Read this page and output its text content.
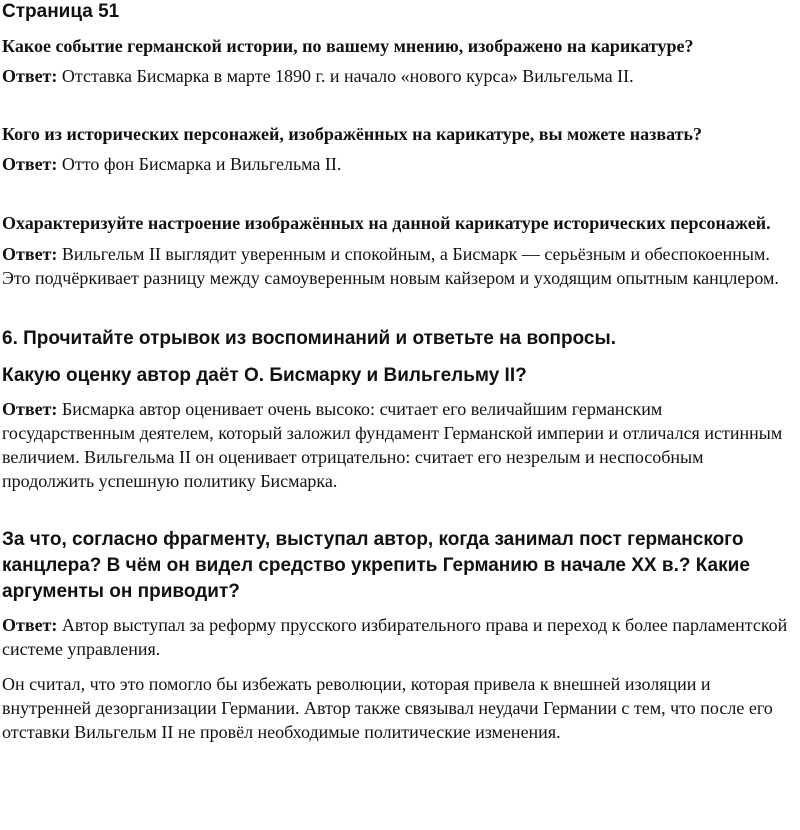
Страница 51

Какое событие германской истории, по вашему мнению, изображено на карикатуре?

Ответ: Отставка Бисмарка в марте 1890 г. и начало «нового курса» Вильгельма II.

Кого из исторических персонажей, изображённых на карикатуре, вы можете назвать?

Ответ: Отто фон Бисмарка и Вильгельма II.

Охарактеризуйте настроение изображённых на данной карикатуре исторических персонажей.

Ответ: Вильгельм II выглядит уверенным и спокойным, а Бисмарк — серьёзным и обеспокоенным. Это подчёркивает разницу между самоуверенным новым кайзером и уходящим опытным канцлером.

6. Прочитайте отрывок из воспоминаний и ответьте на вопросы.

Какую оценку автор даёт О. Бисмарку и Вильгельму II?

Ответ: Бисмарка автор оценивает очень высоко: считает его величайшим германским государственным деятелем, который заложил фундамент Германской империи и отличался истинным величием. Вильгельма II он оценивает отрицательно: считает его незрелым и неспособным продолжить успешную политику Бисмарка.

За что, согласно фрагменту, выступал автор, когда занимал пост германского канцлера? В чём он видел средство укрепить Германию в начале XX в.? Какие аргументы он приводит?

Ответ: Автор выступал за реформу прусского избирательного права и переход к более парламентской системе управления.

Он считал, что это помогло бы избежать революции, которая привела к внешней изоляции и внутренней дезорганизации Германии. Автор также связывал неудачи Германии с тем, что после его отставки Вильгельм II не провёл необходимые политические изменения.
